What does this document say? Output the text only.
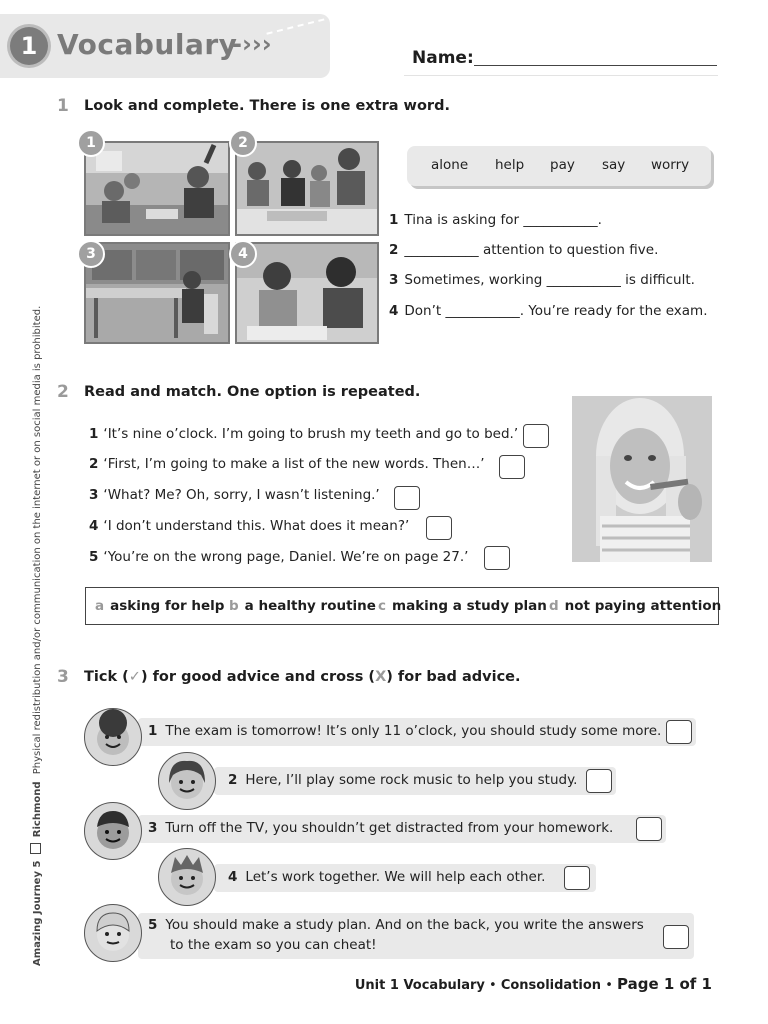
1 Vocabulary
-›››	Name:
1 Look and complete. There is one extra word.
1	2
3	4
alone help pay say worry
1 Tina is asking for ___________.
2 ___________ attention to question five.
3 Sometimes, working ___________ is difficult.
4 Don’t ___________. You’re ready for the exam.
2 Read and match. One option is repeated.
1 ‘It’s nine o’clock. I’m going to brush my teeth and go to bed.’
2 ‘First, I’m going to make a list of the new words. Then…’
3 ‘What? Me? Oh, sorry, I wasn’t listening.’
4 ‘I don’t understand this. What does it mean?’
5 ‘You’re on the wrong page, Daniel. We’re on page 27.’
a asking for help b a healthy routine c making a study plan d not paying attention
3 Tick (✓) for good advice and cross (X) for bad advice.
1 The exam is tomorrow! It’s only 11 o’clock, you should study some more.
2 Here, I’ll play some rock music to help you study.
3 Turn off the TV, you shouldn’t get distracted from your homework.
4 Let’s work together. We will help each other.
5 You should make a study plan. And on the back, you write the answers
to the exam so you can cheat!
Amazing Journey 5  Richmond Physical redistribution and/or communication on the internet or on social media is prohibited.
Unit 1 Vocabulary • Consolidation • Page 1 of 1
